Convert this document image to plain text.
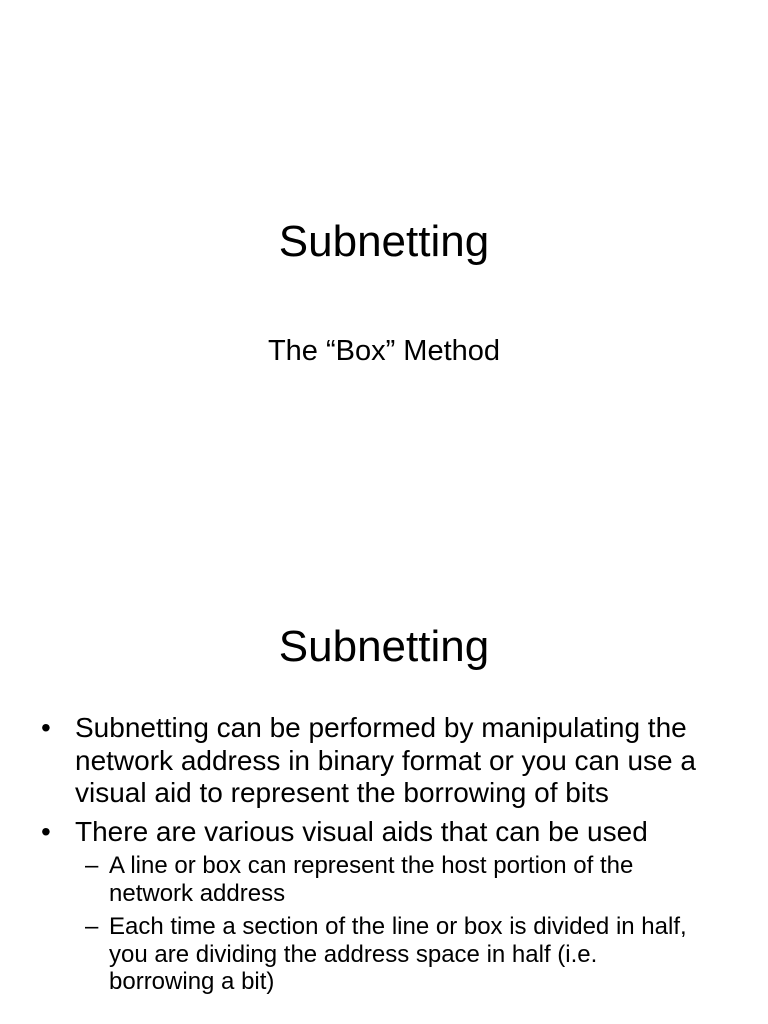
Subnetting
The “Box” Method
Subnetting
• Subnetting can be performed by manipulating the network address in binary format or you can use a visual aid to represent the borrowing of bits
• There are various visual aids that can be used
– A line or box can represent the host portion of the network address
– Each time a section of the line or box is divided in half, you are dividing the address space in half (i.e. borrowing a bit)
